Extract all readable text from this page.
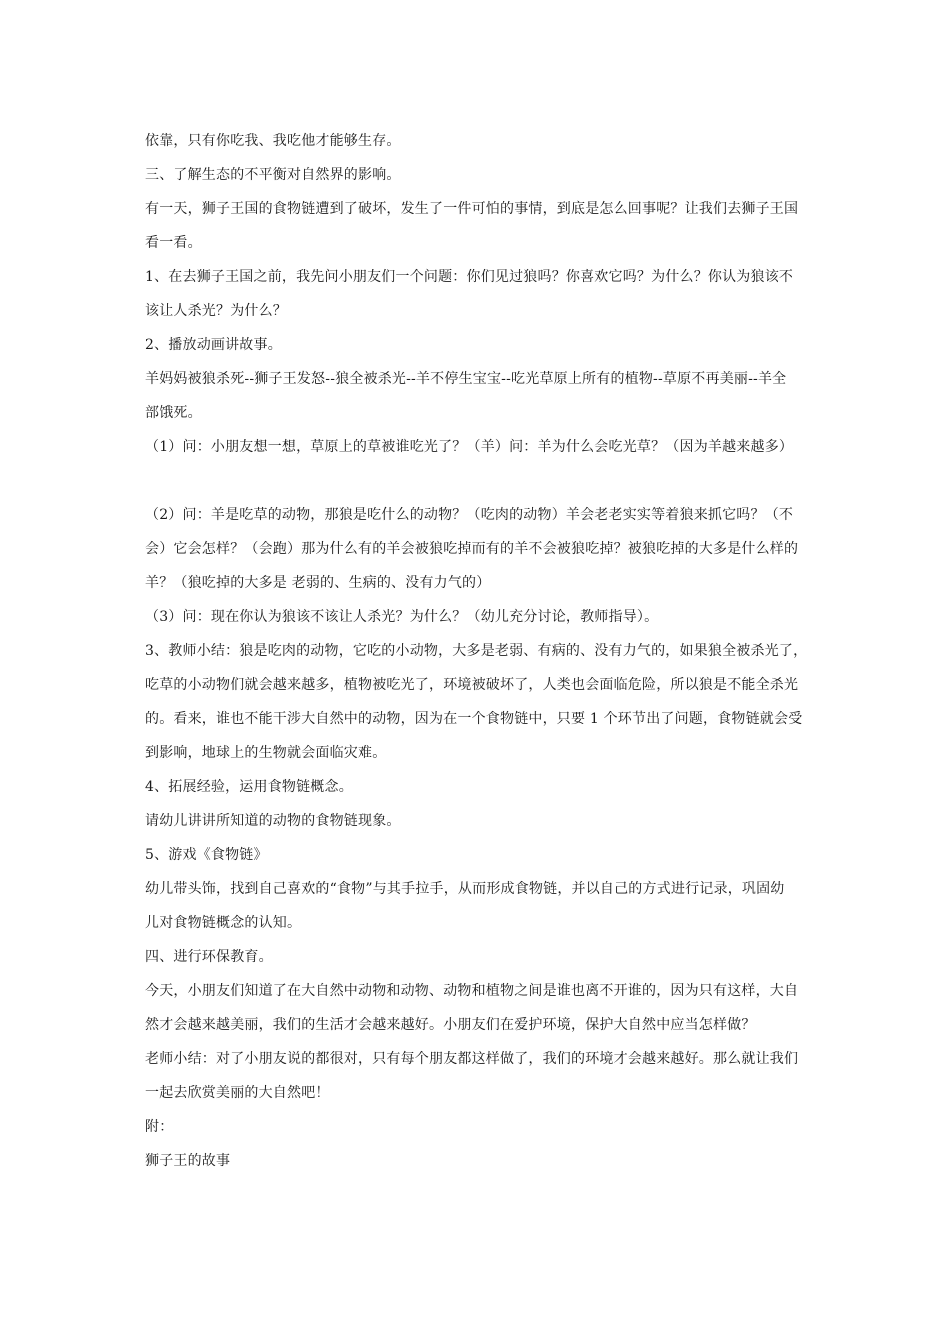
依靠，只有你吃我、我吃他才能够生存。
三、了解生态的不平衡对自然界的影响。
有一天，狮子王国的食物链遭到了破坏，发生了一件可怕的事情，到底是怎么回事呢？让我们去狮子王国
看一看。
1、在去狮子王国之前，我先问小朋友们一个问题：你们见过狼吗？你喜欢它吗？为什么？你认为狼该不
该让人杀光？为什么？
2、播放动画讲故事。
羊妈妈被狼杀死--狮子王发怒--狼全被杀光--羊不停生宝宝--吃光草原上所有的植物--草原不再美丽--羊全
部饿死。
（1）问：小朋友想一想，草原上的草被谁吃光了？（羊）问：羊为什么会吃光草？（因为羊越来越多）
（2）问：羊是吃草的动物，那狼是吃什么的动物？（吃肉的动物）羊会老老实实等着狼来抓它吗？（不
会）它会怎样？（会跑）那为什么有的羊会被狼吃掉而有的羊不会被狼吃掉？被狼吃掉的大多是什么样的
羊？（狼吃掉的大多是 老弱的、生病的、没有力气的）
（3）问：现在你认为狼该不该让人杀光？为什么？（幼儿充分讨论，教师指导）。
3、教师小结：狼是吃肉的动物，它吃的小动物，大多是老弱、有病的、没有力气的，如果狼全被杀光了，
吃草的小动物们就会越来越多，植物被吃光了，环境被破坏了，人类也会面临危险，所以狼是不能全杀光
的。看来，谁也不能干涉大自然中的动物，因为在一个食物链中，只要 1 个环节出了问题，食物链就会受
到影响，地球上的生物就会面临灾难。
4、拓展经验，运用食物链概念。
请幼儿讲讲所知道的动物的食物链现象。
5、游戏《食物链》
幼儿带头饰，找到自己喜欢的“食物”与其手拉手，从而形成食物链，并以自己的方式进行记录，巩固幼
儿对食物链概念的认知。
四、进行环保教育。
今天，小朋友们知道了在大自然中动物和动物、动物和植物之间是谁也离不开谁的，因为只有这样，大自
然才会越来越美丽，我们的生活才会越来越好。小朋友们在爱护环境，保护大自然中应当怎样做？
老师小结：对了小朋友说的都很对，只有每个朋友都这样做了，我们的环境才会越来越好。那么就让我们
一起去欣赏美丽的大自然吧！
附：
狮子王的故事
